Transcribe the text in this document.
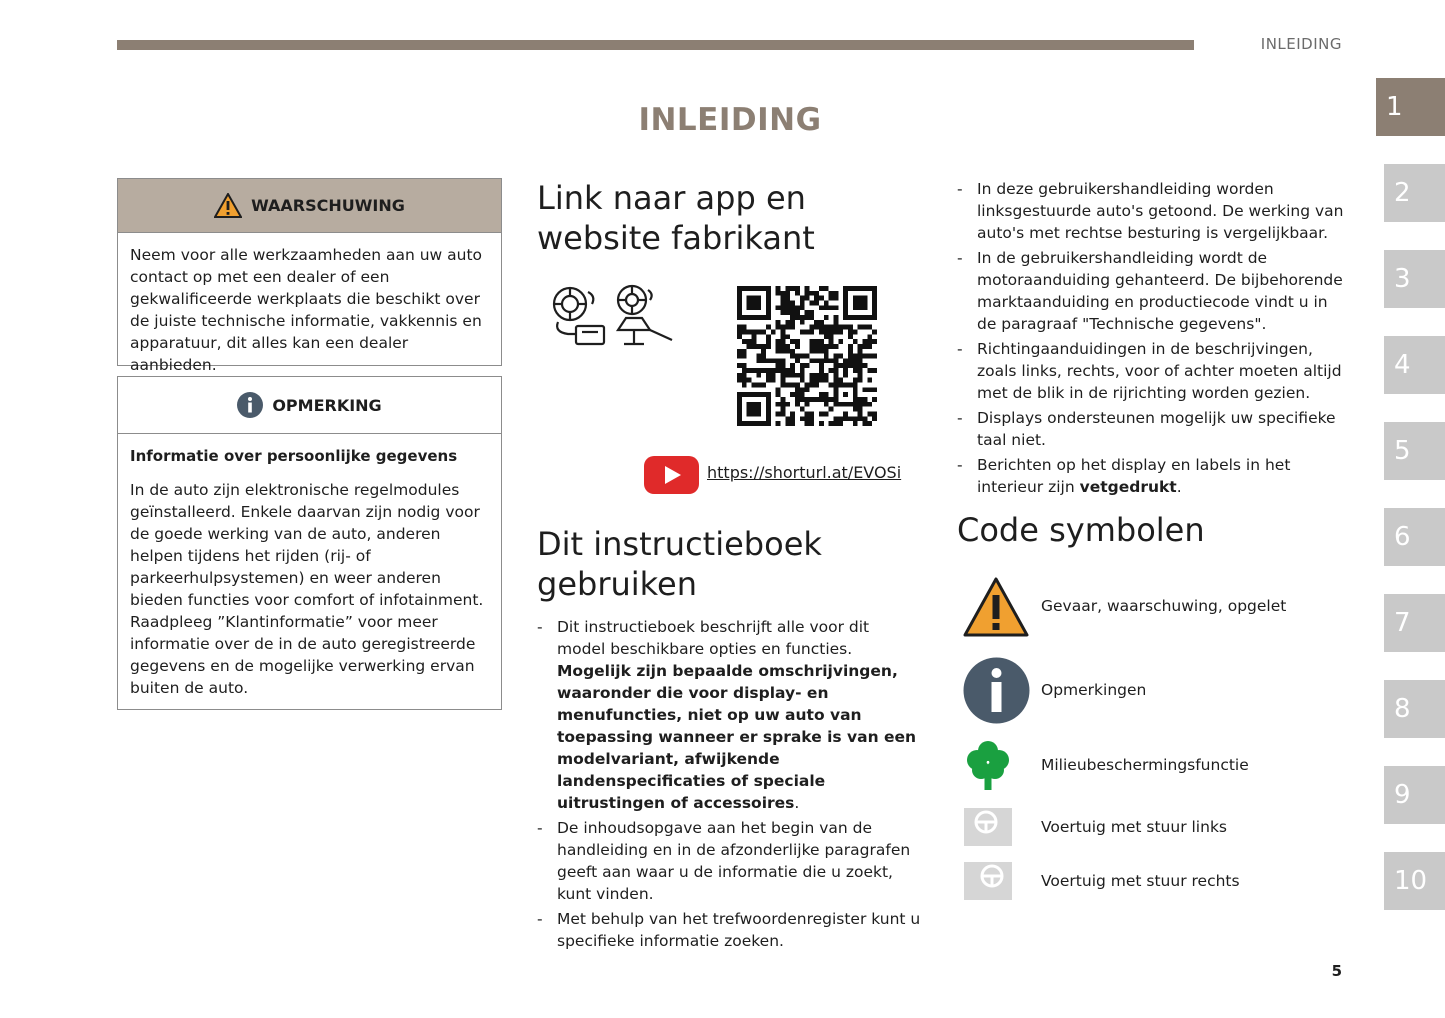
INLEIDING
INLEIDING	1
2
3
4
5
6
7
8
9
10
WAARSCHUWING

Neem voor alle werkzaamheden aan uw auto contact op met een dealer of een gekwalificeerde werkplaats die beschikt over de juiste technische informatie, vakkennis en apparatuur, dit alles kan een dealer aanbieden.

OPMERKING

Informatie over persoonlijke gegevens

In de auto zijn elektronische regelmodules geïnstalleerd. Enkele daarvan zijn nodig voor de goede werking van de auto, anderen helpen tijdens het rijden (rij- of parkeerhulpsystemen) en weer anderen bieden functies voor comfort of infotainment.

Raadpleeg ”Klantinformatie” voor meer informatie over de in de auto geregistreerde gegevens en de mogelijke verwerking ervan buiten de auto.

Link naar app en website fabrikant
https://shorturl.at/EVOSi
Dit instructieboek gebruiken
- Dit instructieboek beschrijft alle voor dit model beschikbare opties en functies. Mogelijk zijn bepaalde omschrijvingen, waaronder die voor display- en menufuncties, niet op uw auto van toepassing wanneer er sprake is van een modelvariant, afwijkende landenspecificaties of speciale uitrustingen of accessoires.
- De inhoudsopgave aan het begin van de handleiding en in de afzonderlijke paragrafen geeft aan waar u de informatie die u zoekt, kunt vinden.
- Met behulp van het trefwoordenregister kunt u specifieke informatie zoeken.
- In deze gebruikershandleiding worden linksgestuurde auto's getoond. De werking van auto's met rechtse besturing is vergelijkbaar.
- In de gebruikershandleiding wordt de motoraanduiding gehanteerd. De bijbehorende marktaanduiding en productiecode vindt u in de paragraaf "Technische gegevens".
- Richtingaanduidingen in de beschrijvingen, zoals links, rechts, voor of achter moeten altijd met de blik in de rijrichting worden gezien.
- Displays ondersteunen mogelijk uw specifieke taal niet.
- Berichten op het display en labels in het interieur zijn vetgedrukt.
Code symbolen
Gevaar, waarschuwing, opgelet
Opmerkingen
Milieubeschermingsfunctie
Voertuig met stuur links
Voertuig met stuur rechts
5
